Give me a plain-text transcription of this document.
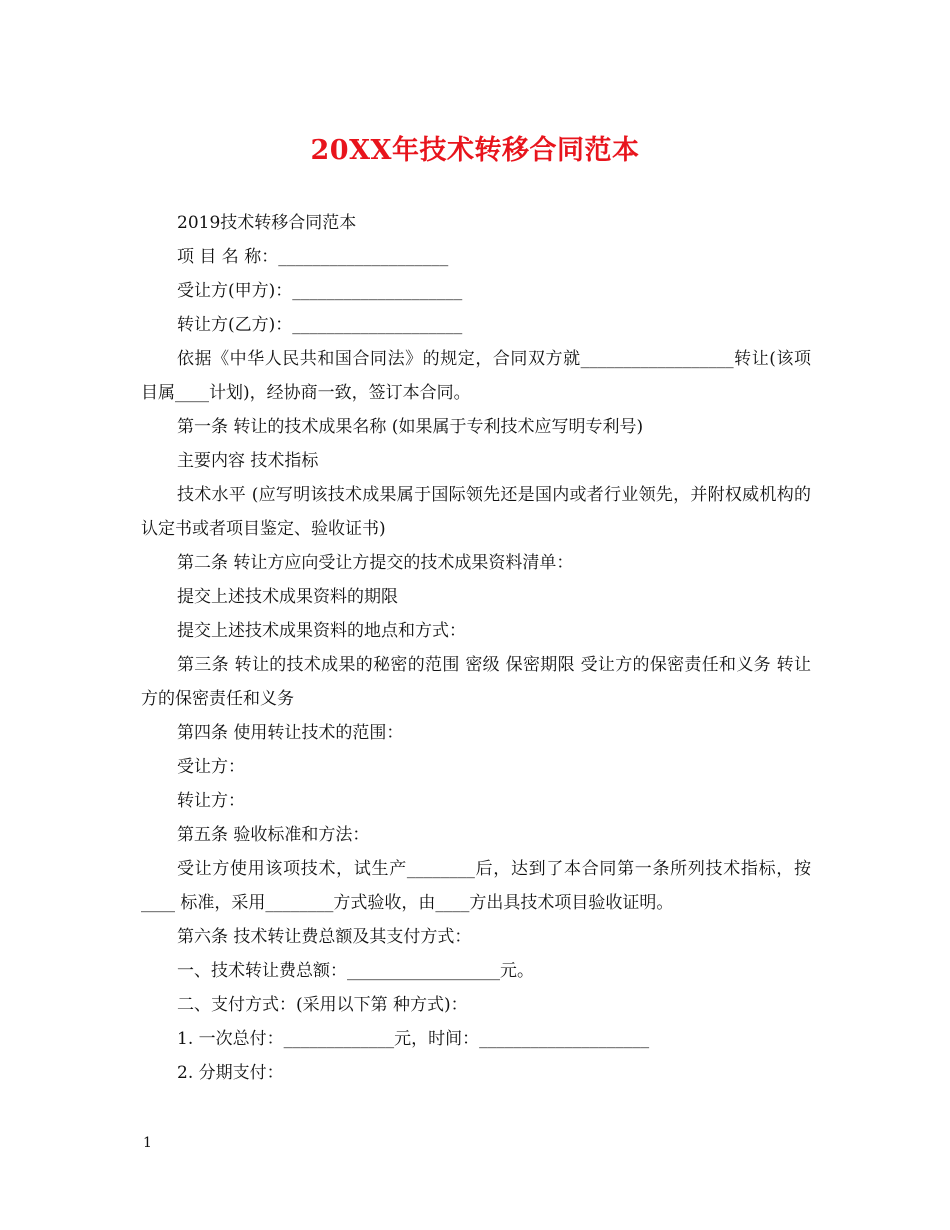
20XX年技术转移合同范本

2019技术转移合同范本

项 目 名 称：____________________

受让方(甲方)：____________________

转让方(乙方)：____________________

依据《中华人民共和国合同法》的规定，合同双方就__________________转让(该项目属____计划)，经协商一致，签订本合同。

第一条 转让的技术成果名称 (如果属于专利技术应写明专利号)

主要内容 技术指标

技术水平 (应写明该技术成果属于国际领先还是国内或者行业领先，并附权威机构的认定书或者项目鉴定、验收证书)

第二条 转让方应向受让方提交的技术成果资料清单：

提交上述技术成果资料的期限

提交上述技术成果资料的地点和方式：

第三条 转让的技术成果的秘密的范围 密级 保密期限 受让方的保密责任和义务 转让方的保密责任和义务

第四条 使用转让技术的范围：

受让方：

转让方：

第五条 验收标准和方法：

受让方使用该项技术，试生产________后，达到了本合同第一条所列技术指标，按____ 标准，采用________方式验收，由____方出具技术项目验收证明。

第六条 技术转让费总额及其支付方式：

一、技术转让费总额：__________________元。

二、支付方式：(采用以下第 种方式)：

1. 一次总付：_____________元，时间：____________________

2. 分期支付：

1
